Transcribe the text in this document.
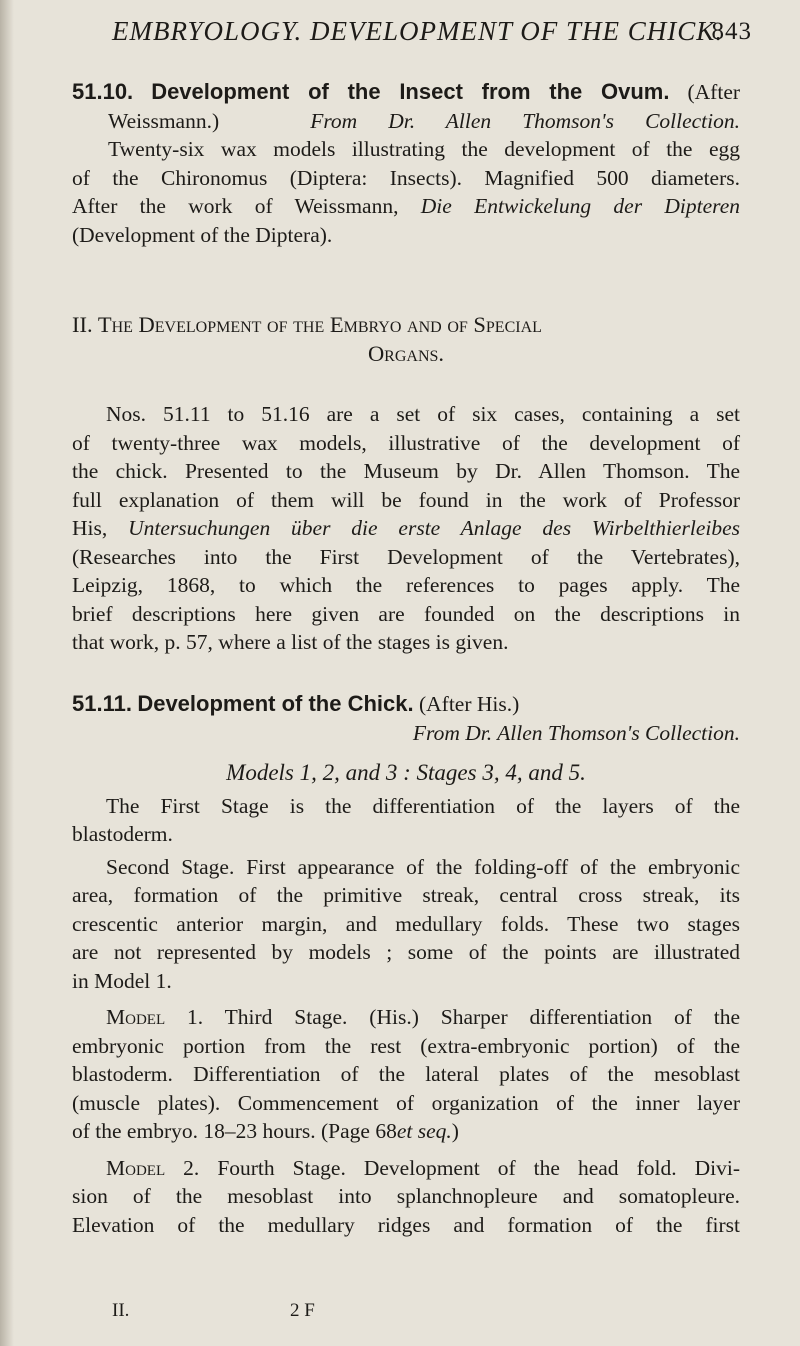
EMBRYOLOGY. DEVELOPMENT OF THE CHICK.
843
51.10. Development of the Insect from the Ovum. (After
Weissmann.)	From Dr. Allen Thomson's Collection.
Twenty-six wax models illustrating the development of the egg
of the Chironomus (Diptera: Insects). Magnified 500 diameters.
After the work of Weissmann, Die Entwickelung der Dipteren
(Development of the Diptera).
II. The Development of the Embryo and of Special
Organs.
Nos. 51.11 to 51.16 are a set of six cases, containing a set
of twenty-three wax models, illustrative of the development of
the chick. Presented to the Museum by Dr. Allen Thomson. The
full explanation of them will be found in the work of Professor
His, Untersuchungen über die erste Anlage des Wirbelthierleibes
(Researches into the First Development of the Vertebrates),
Leipzig, 1868, to which the references to pages apply. The
brief descriptions here given are founded on the descriptions in
that work, p. 57, where a list of the stages is given.
51.11. Development of the Chick. (After His.)
From Dr. Allen Thomson's Collection.
Models 1, 2, and 3 : Stages 3, 4, and 5.
The First Stage is the differentiation of the layers of the
blastoderm.
Second Stage. First appearance of the folding-off of the embryonic
area, formation of the primitive streak, central cross streak, its
crescentic anterior margin, and medullary folds. These two stages
are not represented by models ; some of the points are illustrated
in Model 1.
Model 1. Third Stage. (His.) Sharper differentiation of the
embryonic portion from the rest (extra-embryonic portion) of the
blastoderm. Differentiation of the lateral plates of the mesoblast
(muscle plates). Commencement of organization of the inner layer
of the embryo. 18–23 hours. (Page 68et seq.)
Model 2. Fourth Stage. Development of the head fold. Divi-
sion of the mesoblast into splanchnopleure and somatopleure.
Elevation of the medullary ridges and formation of the first
II.	2 F
